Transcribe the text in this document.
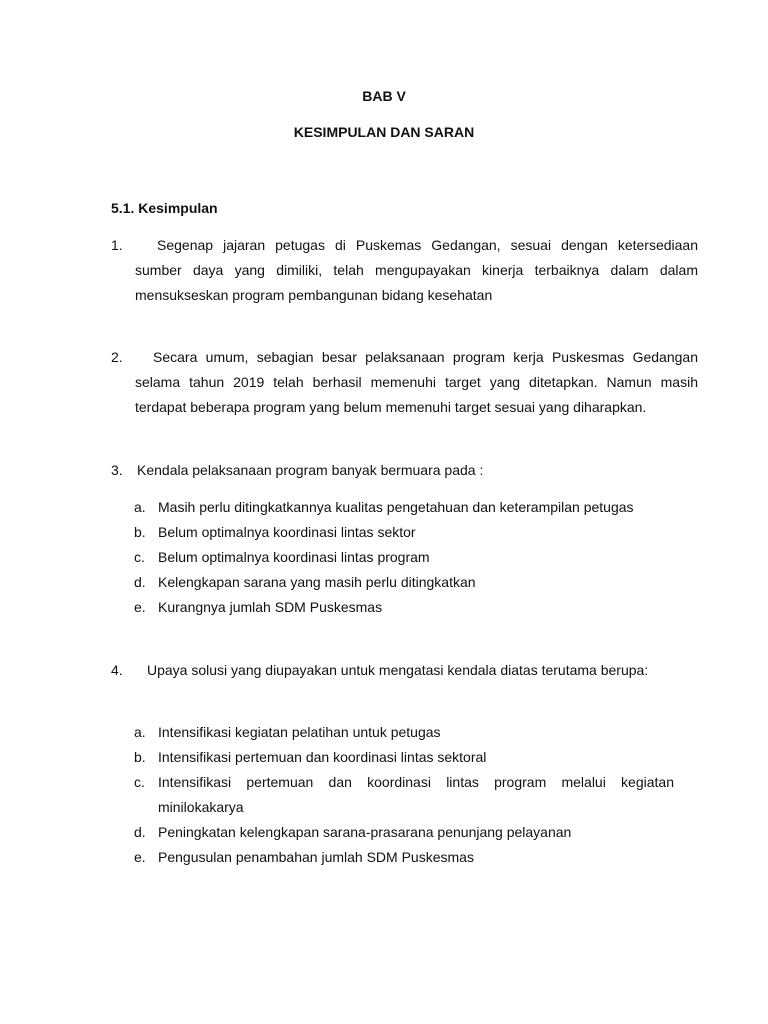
BAB V
KESIMPULAN DAN SARAN
5.1. Kesimpulan
1. Segenap jajaran petugas di Puskemas Gedangan, sesuai dengan ketersediaan sumber daya yang dimiliki, telah mengupayakan kinerja terbaiknya dalam dalam mensukseskan program pembangunan bidang kesehatan
2. Secara umum, sebagian besar pelaksanaan program kerja Puskesmas Gedangan selama tahun 2019 telah berhasil memenuhi target yang ditetapkan. Namun masih terdapat beberapa program yang belum memenuhi target sesuai yang diharapkan.
3. Kendala pelaksanaan program banyak bermuara pada :
a. Masih perlu ditingkatkannya kualitas pengetahuan dan keterampilan petugas
b. Belum optimalnya koordinasi lintas sektor
c. Belum optimalnya koordinasi lintas program
d. Kelengkapan sarana yang masih perlu ditingkatkan
e. Kurangnya jumlah SDM Puskesmas
4. Upaya solusi yang diupayakan untuk mengatasi kendala diatas terutama berupa:
a. Intensifikasi kegiatan pelatihan untuk petugas
b. Intensifikasi pertemuan dan koordinasi lintas sektoral
c. Intensifikasi pertemuan dan koordinasi lintas program melalui kegiatan minilokakarya
d. Peningkatan kelengkapan sarana-prasarana penunjang pelayanan
e. Pengusulan penambahan jumlah SDM Puskesmas
